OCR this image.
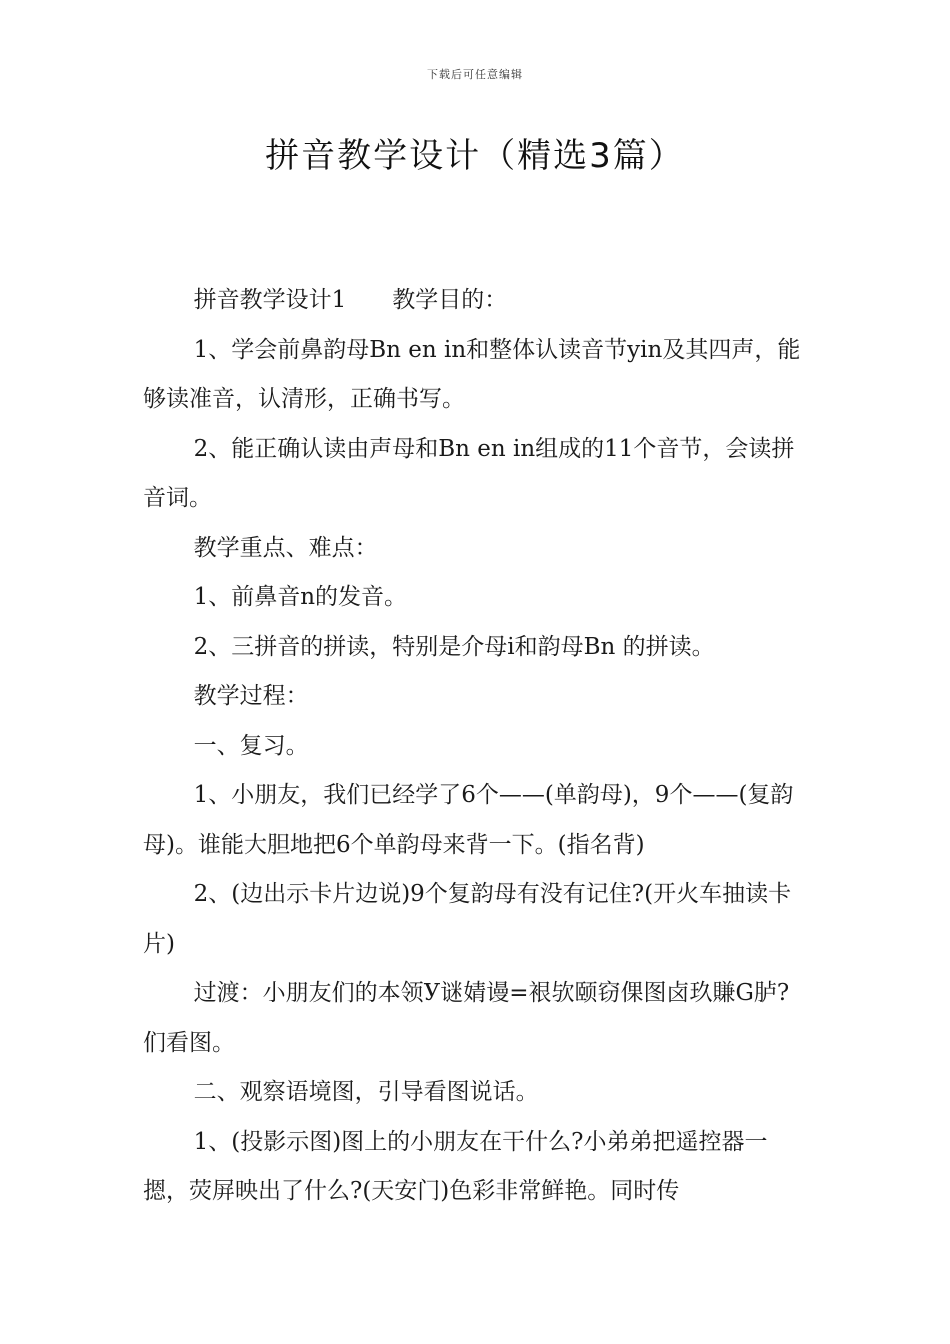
下载后可任意编辑
拼音教学设计（精选3篇）

拼音教学设计1 教学目的：

1、学会前鼻韵母Bn en in和整体认读音节yin及其四声，能够读准音，认清形，正确书写。

2、能正确认读由声母和Bn en in组成的11个音节，会读拼音词。

教学重点、难点：

1、前鼻音n的发音。

2、三拼音的拼读，特别是介母i和韵母Bn 的拼读。

教学过程：

一、复习。

1、小朋友，我们已经学了6个——(单韵母)，9个——(复韵母)。谁能大胆地把6个单韵母来背一下。(指名背)

2、(边出示卡片边说)9个复韵母有没有记住?(开火车抽读卡片)

过渡：小朋友们的本领У谜婧谩=裉欤颐窃倮图卤玖賺G胪?们看图。

二、观察语境图，引导看图说话。

1、(投影示图)图上的小朋友在干什么?小弟弟把遥控器一摁，荧屏映出了什么?(天安门)色彩非常鲜艳。同时传
